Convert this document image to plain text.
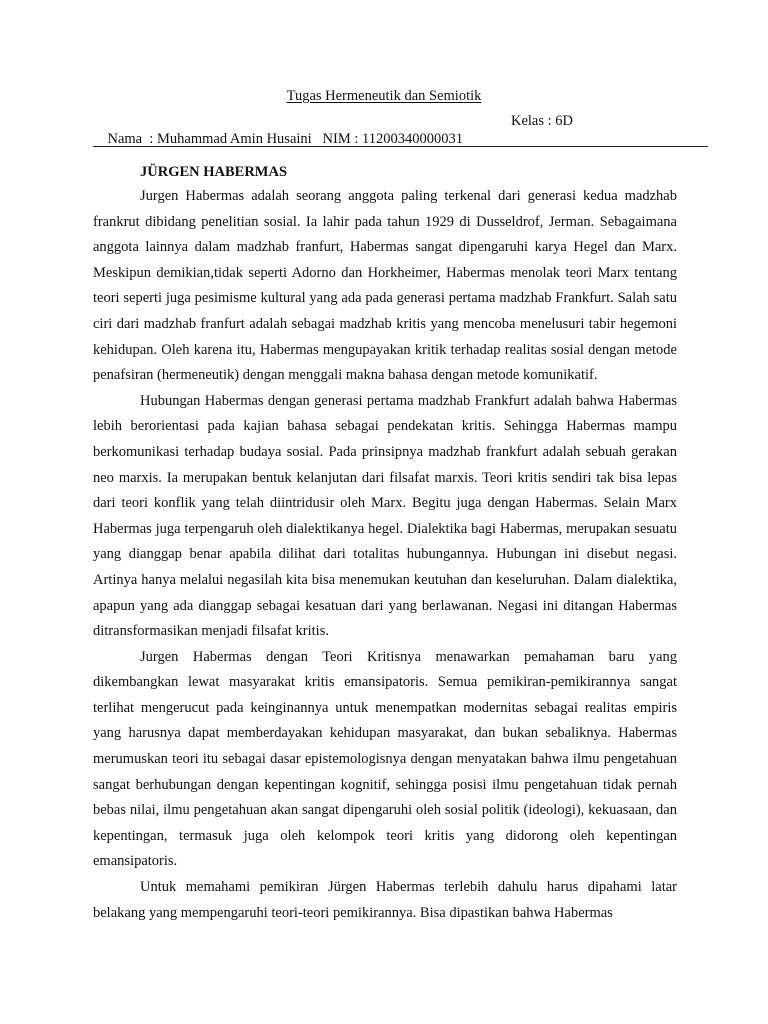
Tugas Hermeneutik dan Semiotik

Nama  : Muhammad Amin Husaini   NIM : 11200340000031

Kelas : 6D

JÜRGEN HABERMAS

Jurgen Habermas adalah seorang anggota paling terkenal dari generasi kedua madzhab frankrut dibidang penelitian sosial. Ia lahir pada tahun 1929 di Dusseldrof, Jerman. Sebagaimana anggota lainnya dalam madzhab franfurt, Habermas sangat dipengaruhi karya Hegel dan Marx. Meskipun demikian,tidak seperti Adorno dan Horkheimer, Habermas menolak teori Marx tentang teori seperti juga pesimisme kultural yang ada pada generasi pertama madzhab Frankfurt. Salah satu ciri dari madzhab franfurt adalah sebagai madzhab kritis yang mencoba menelusuri tabir hegemoni kehidupan. Oleh karena itu, Habermas mengupayakan kritik terhadap realitas sosial dengan metode penafsiran (hermeneutik) dengan menggali makna bahasa dengan metode komunikatif.

Hubungan Habermas dengan generasi pertama madzhab Frankfurt adalah bahwa Habermas lebih berorientasi pada kajian bahasa sebagai pendekatan kritis. Sehingga Habermas mampu berkomunikasi terhadap budaya sosial. Pada prinsipnya madzhab frankfurt adalah sebuah gerakan neo marxis. Ia merupakan bentuk kelanjutan dari filsafat marxis. Teori kritis sendiri tak bisa lepas dari teori konflik yang telah diintridusir oleh Marx. Begitu juga dengan Habermas. Selain Marx Habermas juga terpengaruh oleh dialektikanya hegel. Dialektika bagi Habermas, merupakan sesuatu yang dianggap benar apabila dilihat dari totalitas hubungannya. Hubungan ini disebut negasi. Artinya hanya melalui negasilah kita bisa menemukan keutuhan dan keseluruhan. Dalam dialektika, apapun yang ada dianggap sebagai kesatuan dari yang berlawanan. Negasi ini ditangan Habermas ditransformasikan menjadi filsafat kritis.

Jurgen Habermas dengan Teori Kritisnya menawarkan pemahaman baru yang dikembangkan lewat masyarakat kritis emansipatoris. Semua pemikiran-pemikirannya sangat terlihat mengerucut pada keinginannya untuk menempatkan modernitas sebagai realitas empiris yang harusnya dapat memberdayakan kehidupan masyarakat, dan bukan sebaliknya. Habermas merumuskan teori itu sebagai dasar epistemologisnya dengan menyatakan bahwa ilmu pengetahuan sangat berhubungan dengan kepentingan kognitif, sehingga posisi ilmu pengetahuan tidak pernah bebas nilai, ilmu pengetahuan akan sangat dipengaruhi oleh sosial politik (ideologi), kekuasaan, dan kepentingan, termasuk juga oleh kelompok teori kritis yang didorong oleh kepentingan emansipatoris.

Untuk memahami pemikiran Jürgen Habermas terlebih dahulu harus dipahami latar belakang yang mempengaruhi teori-teori pemikirannya. Bisa dipastikan bahwa Habermas
